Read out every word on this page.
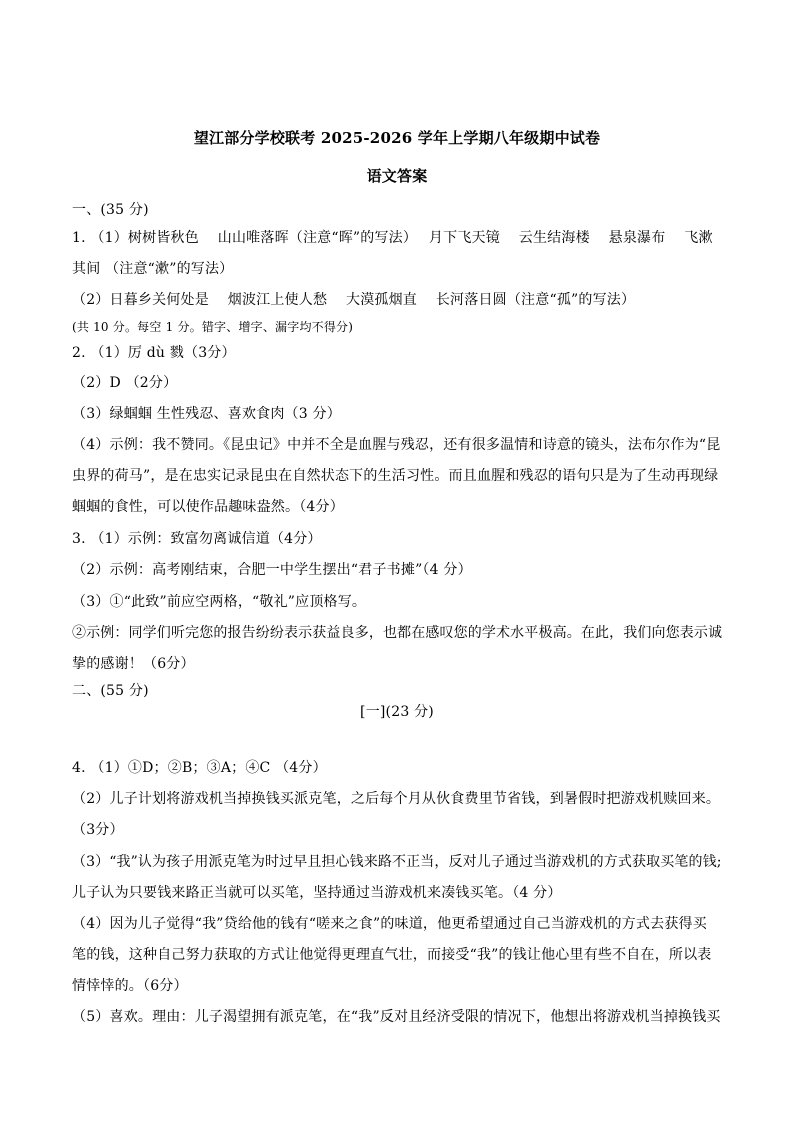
望江部分学校联考 2025-2026 学年上学期八年级期中试卷
语文答案
一、(35 分)
1. （1）树树皆秋色　 山山唯落晖（注意“晖”的写法）　 月下飞天镜　 云生结海楼　 悬泉瀑布　 飞漱
其间 （注意“漱”的写法）
（2）日暮乡关何处是　 烟波江上使人愁　 大漠孤烟直　 长河落日圆（注意“孤”的写法）
(共 10 分。每空 1 分。错字、增字、漏字均不得分)
2. （1）厉 dù 戮（3分）
（2）D （2分）
（3）绿蝈蝈 生性残忍、喜欢食肉（3 分）
（4）示例：我不赞同。《昆虫记》中并不全是血腥与残忍，还有很多温情和诗意的镜头，法布尔作为“昆
虫界的荷马”，是在忠实记录昆虫在自然状态下的生活习性。而且血腥和残忍的语句只是为了生动再现绿
蝈蝈的食性，可以使作品趣味盎然。（4分）
3. （1）示例：致富勿离诚信道（4分）
（2）示例：高考刚结束，合肥一中学生摆出“君子书摊”（4 分）
（3）①“此致”前应空两格，“敬礼”应顶格写。
②示例：同学们听完您的报告纷纷表示获益良多，也都在感叹您的学术水平极高。在此，我们向您表示诚
挚的感谢！（6分）
二、(55 分)
[一](23 分)
4. （1）①D；②B；③A；④C （4分）
（2）儿子计划将游戏机当掉换钱买派克笔，之后每个月从伙食费里节省钱，到暑假时把游戏机赎回来。
（3分）
（3）“我”认为孩子用派克笔为时过早且担心钱来路不正当，反对儿子通过当游戏机的方式获取买笔的钱;
儿子认为只要钱来路正当就可以买笔，坚持通过当游戏机来凑钱买笔。（4 分）
（4）因为儿子觉得“我”贷给他的钱有“嗟来之食”的味道，他更希望通过自己当游戏机的方式去获得买
笔的钱，这种自己努力获取的方式让他觉得更理直气壮，而接受“我”的钱让他心里有些不自在，所以表
情悻悻的。（6分）
（5）喜欢。理由：儿子渴望拥有派克笔，在“我”反对且经济受限的情况下，他想出将游戏机当掉换钱买
